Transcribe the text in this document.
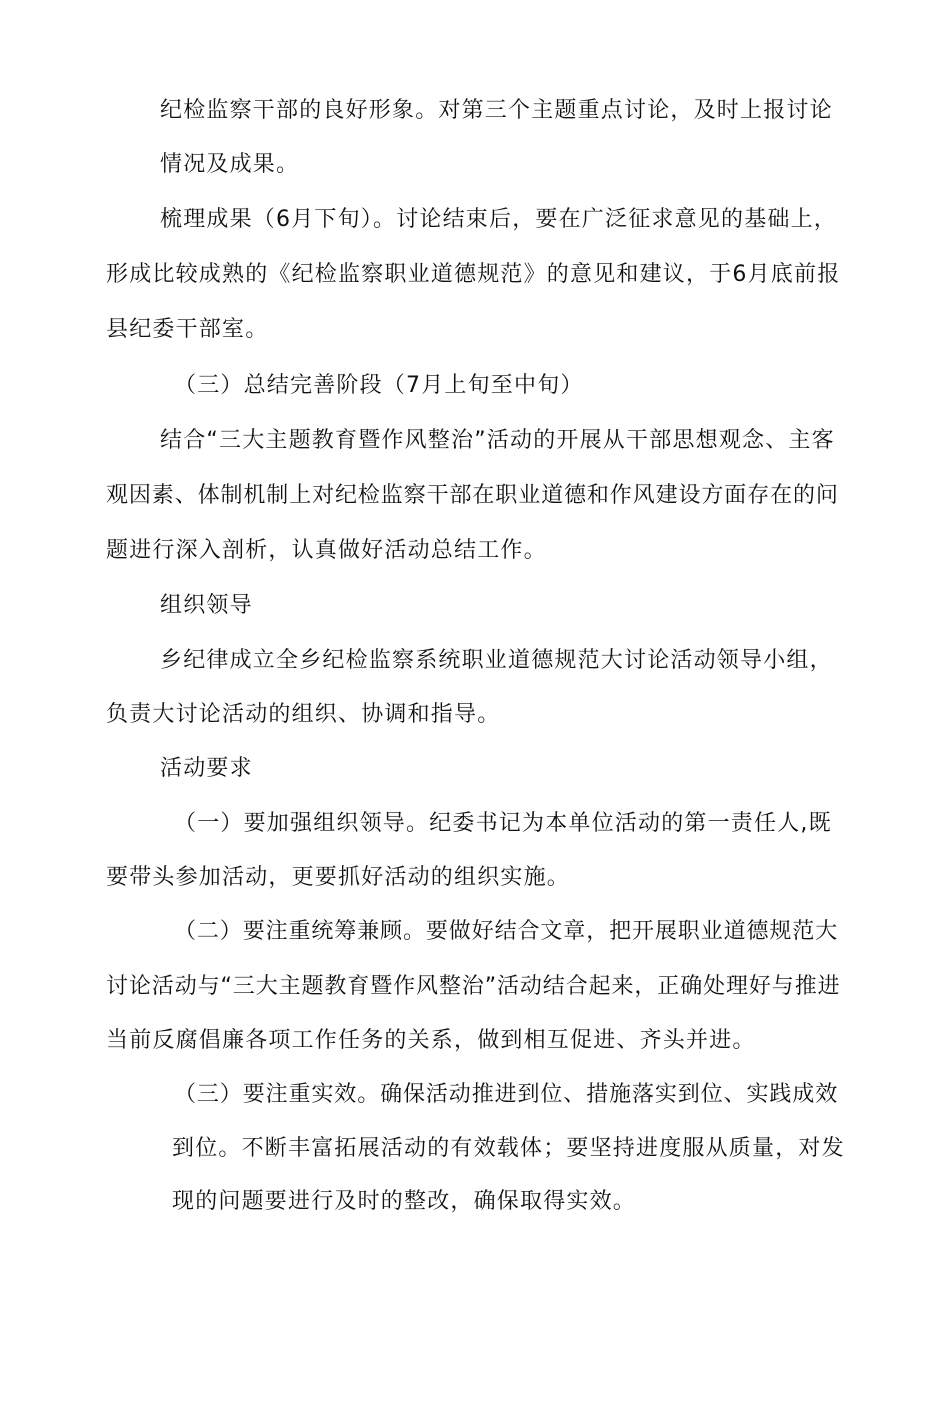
纪检监察干部的良好形象。对第三个主题重点讨论，及时上报讨论
情况及成果。
梳理成果（6月下旬）。讨论结束后，要在广泛征求意见的基础上，
形成比较成熟的《纪检监察职业道德规范》的意见和建议，于6月底前报
县纪委干部室。
（三）总结完善阶段（7月上旬至中旬）
结合“三大主题教育暨作风整治”活动的开展从干部思想观念、主客
观因素、体制机制上对纪检监察干部在职业道德和作风建设方面存在的问
题进行深入剖析，认真做好活动总结工作。
组织领导
乡纪律成立全乡纪检监察系统职业道德规范大讨论活动领导小组，
负责大讨论活动的组织、协调和指导。
活动要求
（一）要加强组织领导。纪委书记为本单位活动的第一责任人,既
要带头参加活动，更要抓好活动的组织实施。
（二）要注重统筹兼顾。要做好结合文章，把开展职业道德规范大
讨论活动与“三大主题教育暨作风整治”活动结合起来，正确处理好与推进
当前反腐倡廉各项工作任务的关系，做到相互促进、齐头并进。
（三）要注重实效。确保活动推进到位、措施落实到位、实践成效
到位。不断丰富拓展活动的有效载体；要坚持进度服从质量，对发
现的问题要进行及时的整改，确保取得实效。
